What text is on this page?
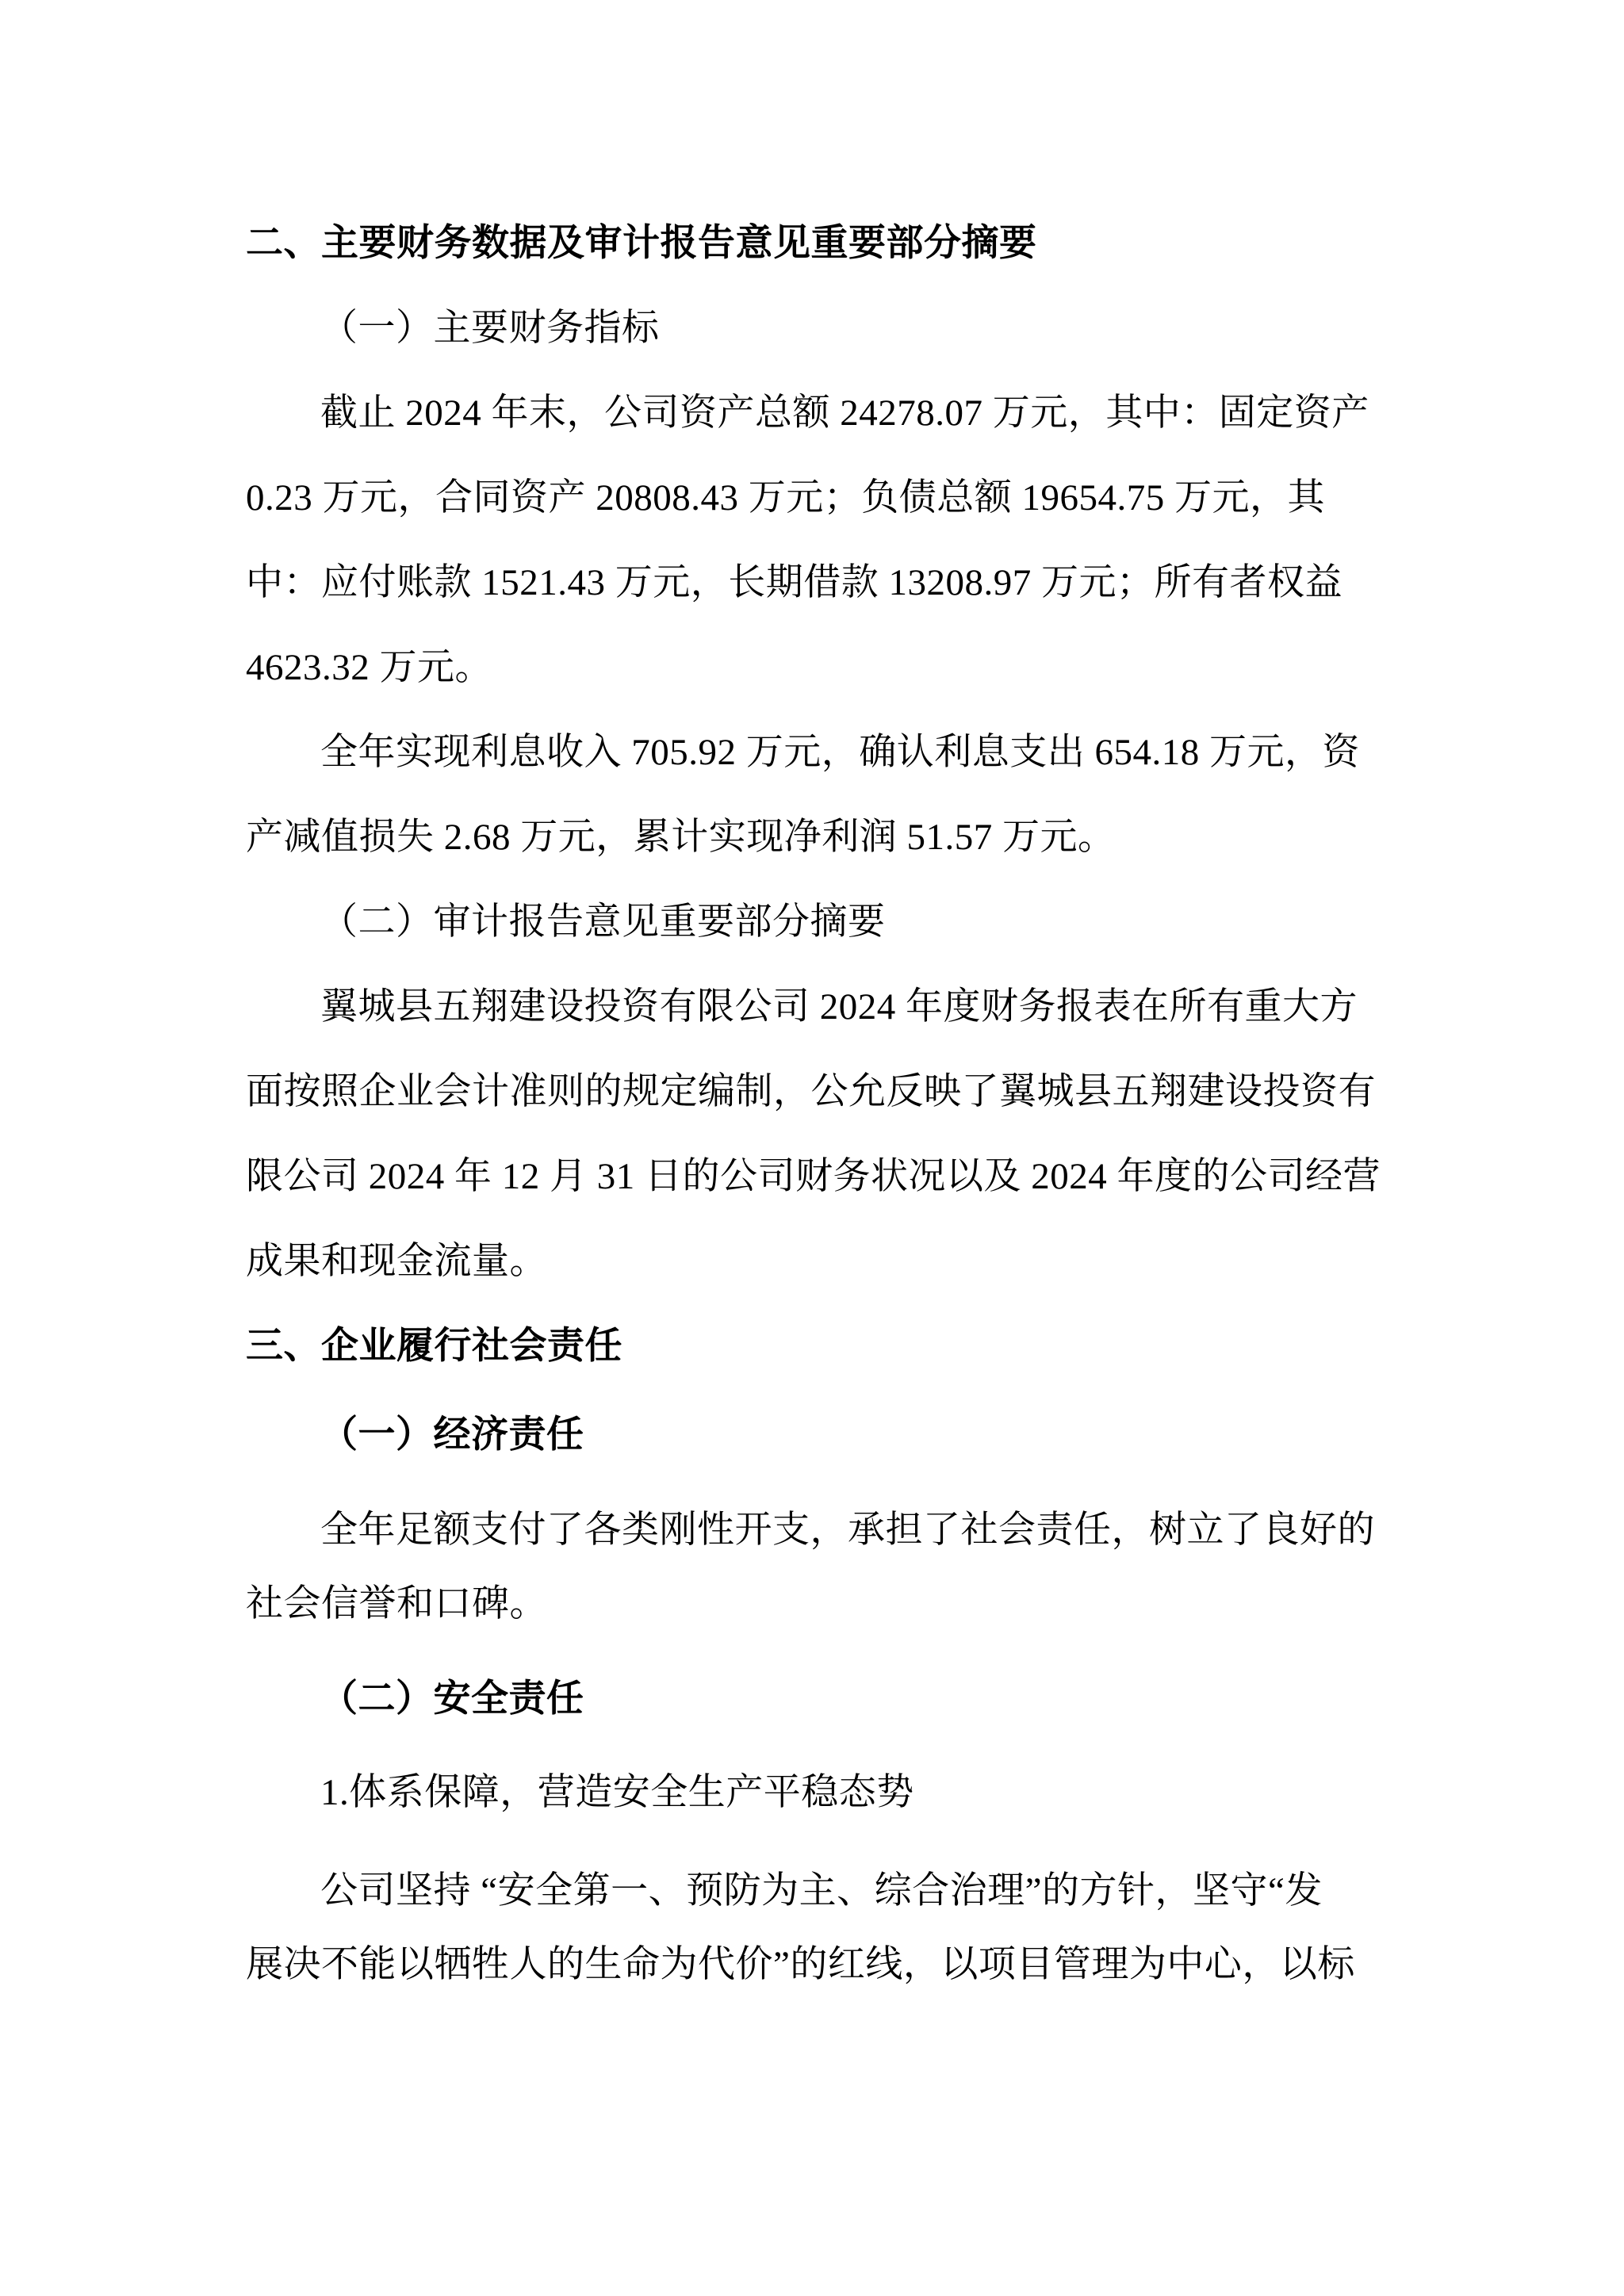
二、主要财务数据及审计报告意见重要部分摘要
（一）主要财务指标
截止 2024 年末，公司资产总额 24278.07 万元，其中：固定资产
0.23 万元，合同资产 20808.43 万元；负债总额 19654.75 万元，其
中：应付账款 1521.43 万元，长期借款 13208.97 万元；所有者权益
4623.32 万元。
全年实现利息收入 705.92 万元，确认利息支出 654.18 万元，资
产减值损失 2.68 万元，累计实现净利润 51.57 万元。
（二）审计报告意见重要部分摘要
翼城县五翔建设投资有限公司 2024 年度财务报表在所有重大方
面按照企业会计准则的规定编制，公允反映了翼城县五翔建设投资有
限公司 2024 年 12 月 31 日的公司财务状况以及 2024 年度的公司经营
成果和现金流量。
三、企业履行社会责任
（一）经济责任
全年足额支付了各类刚性开支，承担了社会责任，树立了良好的
社会信誉和口碑。
（二）安全责任
1.体系保障，营造安全生产平稳态势
公司坚持 “安全第一、预防为主、综合治理”的方针，坚守“发
展决不能以牺牲人的生命为代价”的红线，以项目管理为中心，以标
